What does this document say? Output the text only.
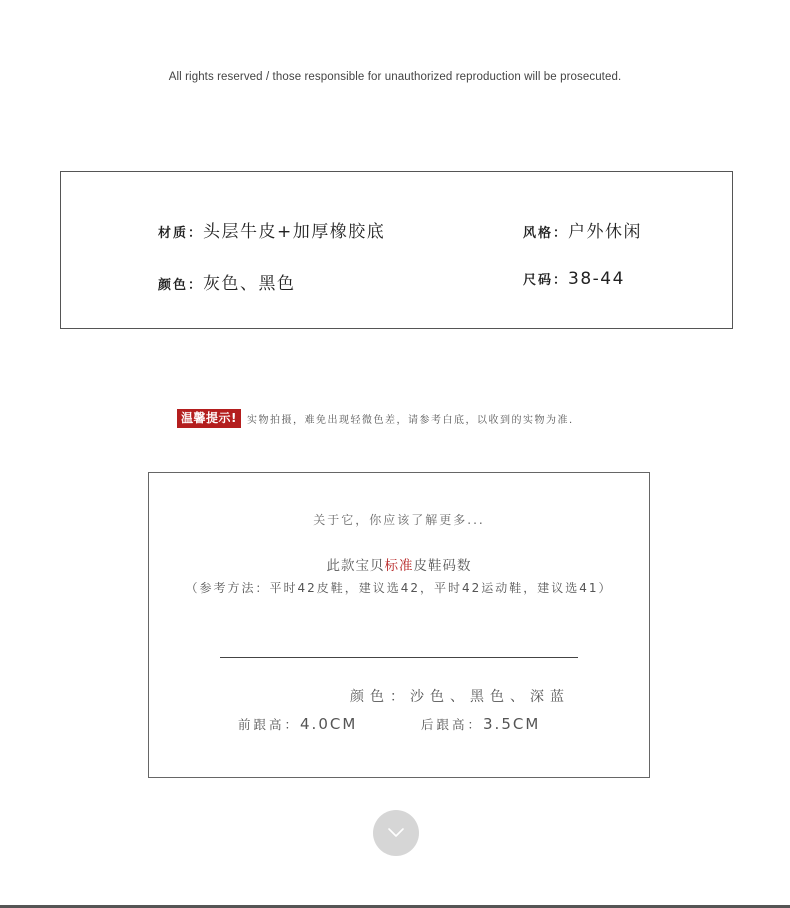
All rights reserved / those responsible for unauthorized reproduction will be prosecuted.
材质：头层牛皮+加厚橡胶底	风格：户外休闲
颜色：灰色、黑色	尺码：38-44
温馨提示! 实物拍摄，难免出现轻微色差，请参考白底，以收到的实物为准.
关于它，你应该了解更多...
此款宝贝标准皮鞋码数
（参考方法：平时42皮鞋，建议选42，平时42运动鞋，建议选41）
颜色：沙色、黑色、深蓝
前跟高：4.0CM	后跟高：3.5CM
